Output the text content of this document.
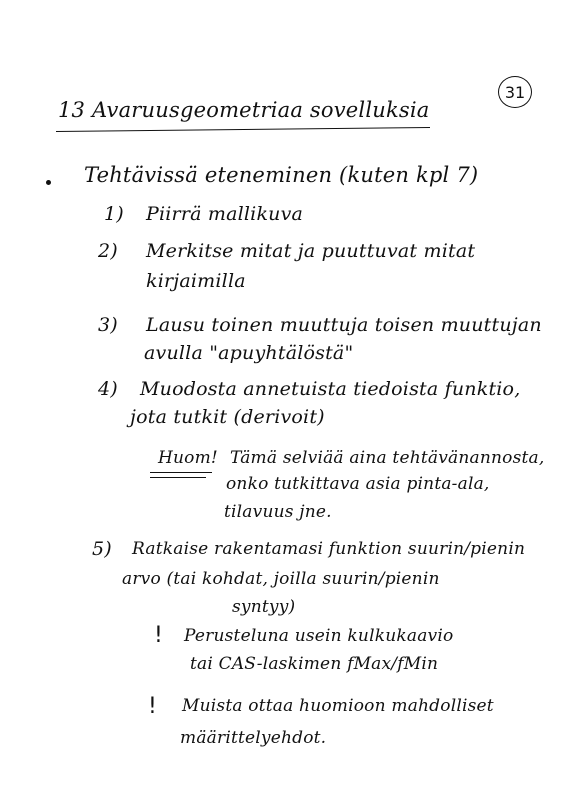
31
13 Avaruusgeometriaa sovelluksia
Tehtävissä eteneminen (kuten kpl 7)
1) Piirrä mallikuva
2) Merkitse mitat ja puuttuvat mitat
kirjaimilla
3) Lausu toinen muuttuja toisen muuttujan
avulla "apuyhtälöstä"
4) Muodosta annetuista tiedoista funktio,
jota tutkit (derivoit)
Huom! Tämä selviää aina tehtävänannosta,
onko tutkittava asia pinta-ala,
tilavuus jne.
5) Ratkaise rakentamasi funktion suurin/pienin
arvo (tai kohdat, joilla suurin/pienin
syntyy)
! Perusteluna usein kulkukaavio
tai CAS-laskimen fMax/fMin
! Muista ottaa huomioon mahdolliset
määrittelyehdot.
